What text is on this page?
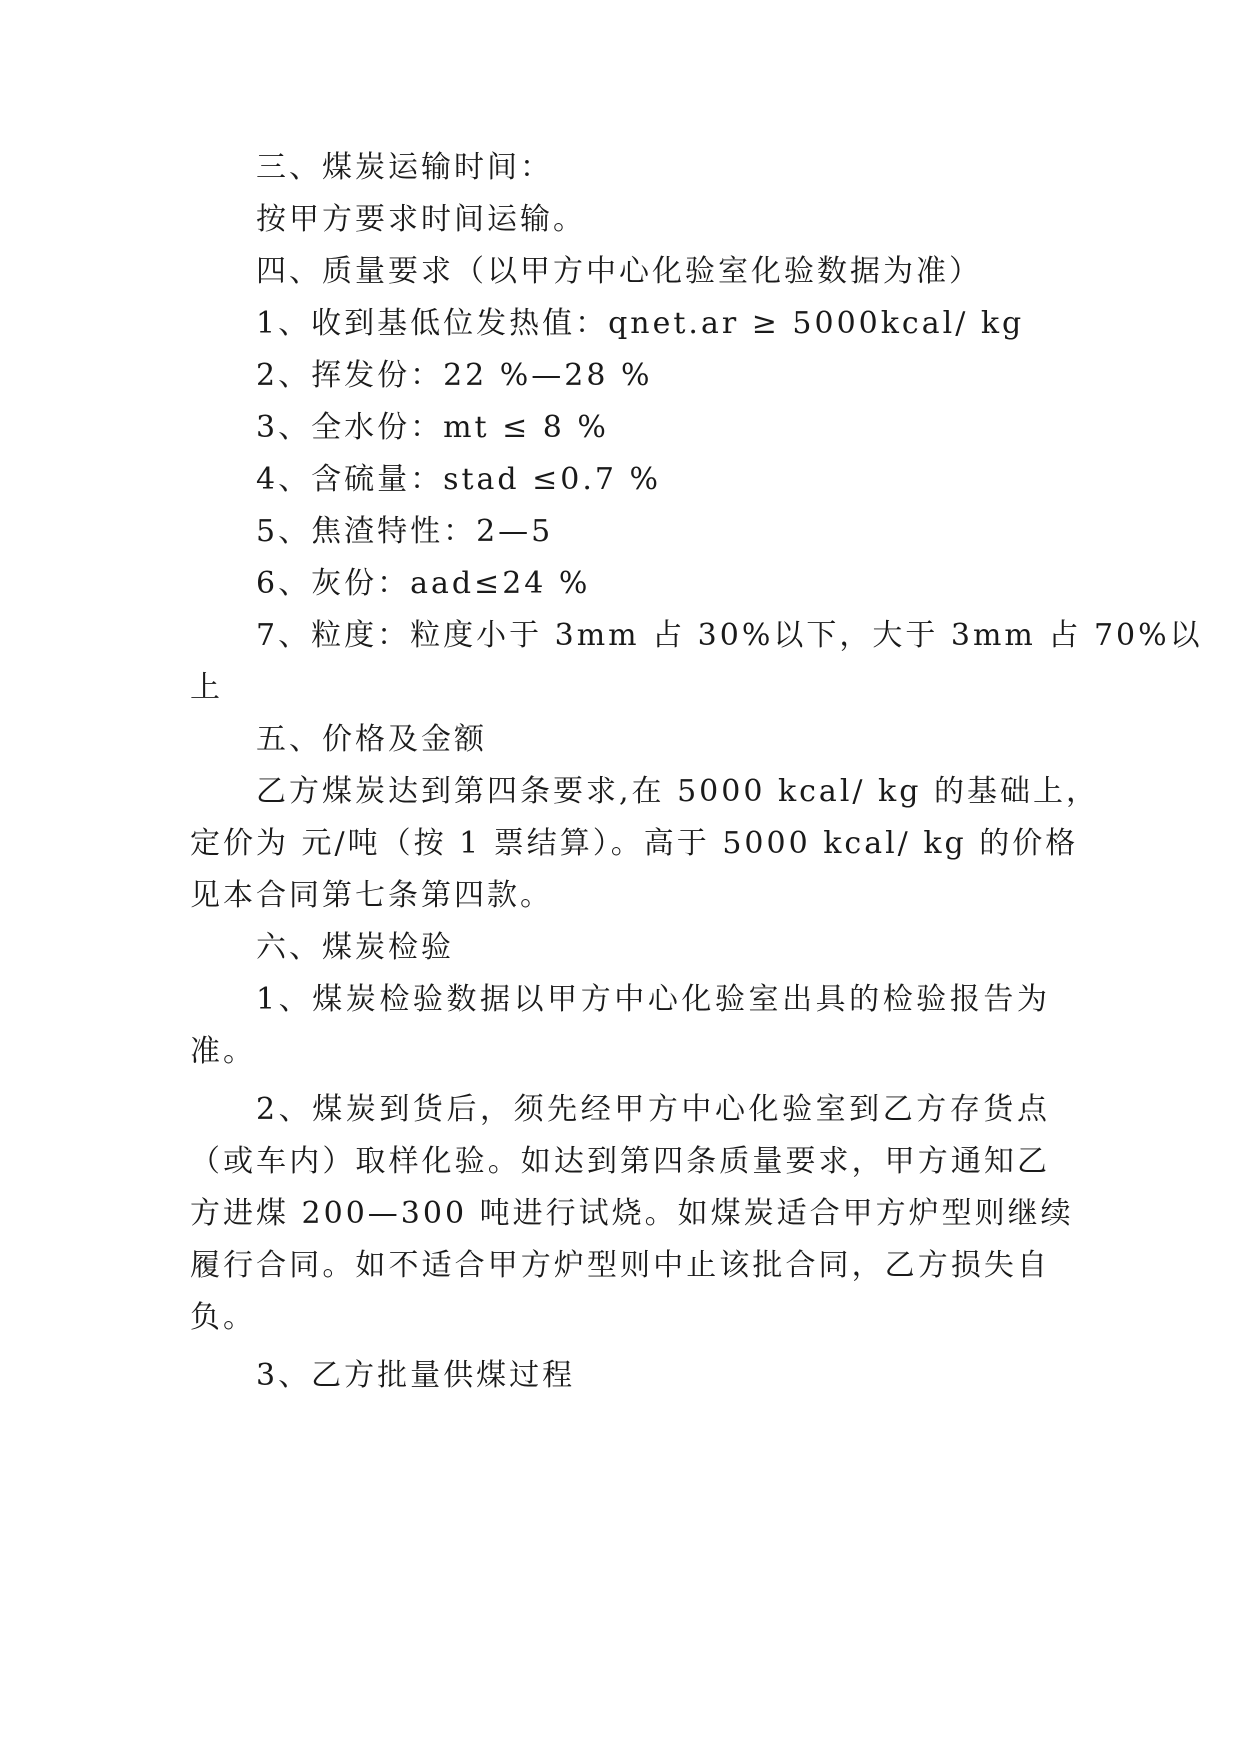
三、煤炭运输时间：
按甲方要求时间运输。
四、质量要求（以甲方中心化验室化验数据为准）
1、收到基低位发热值：qnet.ar ≥ 5000kcal/ kg
2、挥发份：22 %—28 %
3、全水份：mt ≤ 8 %
4、含硫量：stad ≤0.7 %
5、焦渣特性：2—5
6、灰份：aad≤24 %
7、粒度：粒度小于 3mm 占 30%以下，大于 3mm 占 70%以
上
五、价格及金额
乙方煤炭达到第四条要求,在 5000 kcal/ kg 的基础上，
定价为 元/吨（按 1 票结算）。高于 5000 kcal/ kg 的价格
见本合同第七条第四款。
六、煤炭检验
1、煤炭检验数据以甲方中心化验室出具的检验报告为
准。
2、煤炭到货后，须先经甲方中心化验室到乙方存货点
（或车内）取样化验。如达到第四条质量要求，甲方通知乙
方进煤 200—300 吨进行试烧。如煤炭适合甲方炉型则继续
履行合同。如不适合甲方炉型则中止该批合同，乙方损失自
负。
3、乙方批量供煤过程
